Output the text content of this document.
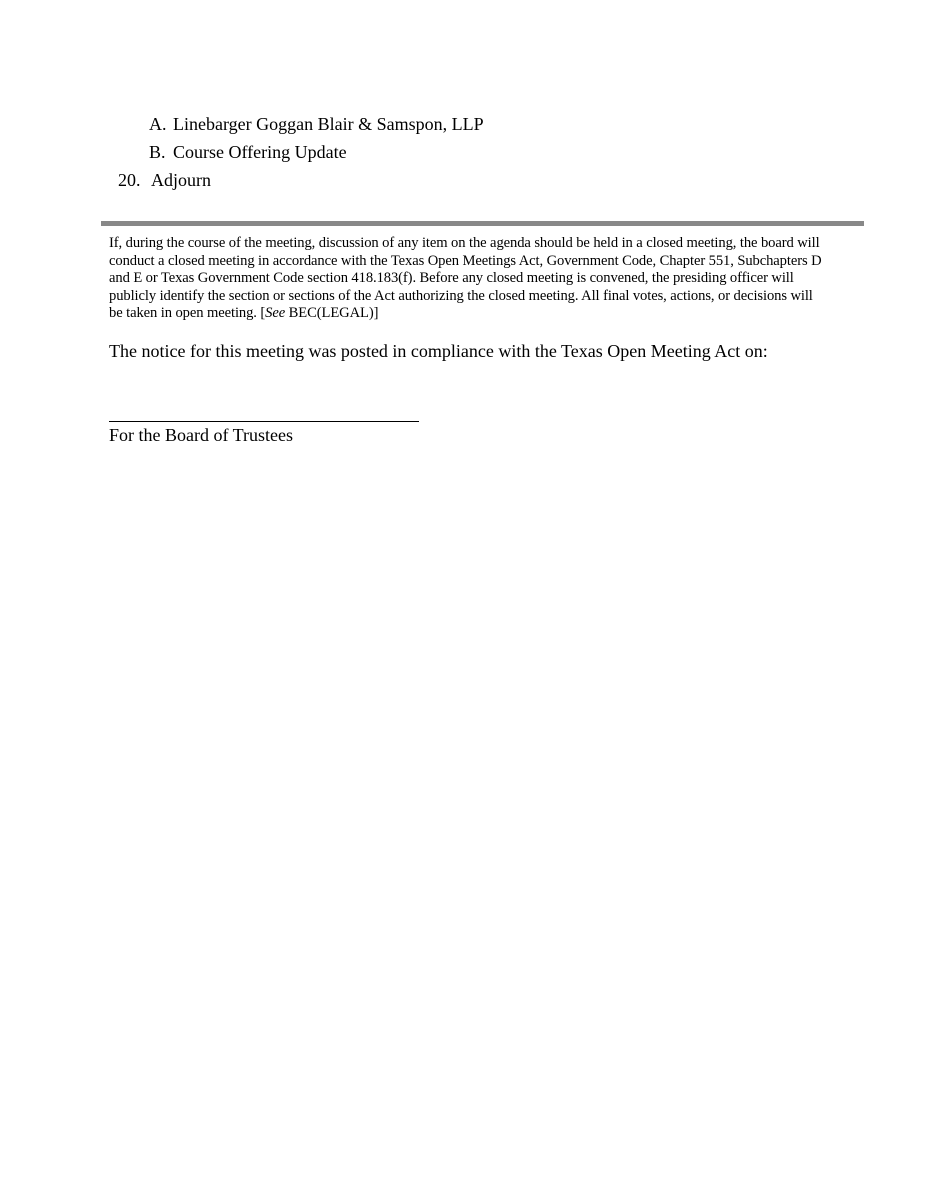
A. Linebarger Goggan Blair & Samspon, LLP
B. Course Offering Update
20. Adjourn

If, during the course of the meeting, discussion of any item on the agenda should be held in a closed meeting, the board will conduct a closed meeting in accordance with the Texas Open Meetings Act, Government Code, Chapter 551, Subchapters D and E or Texas Government Code section 418.183(f). Before any closed meeting is convened, the presiding officer will publicly identify the section or sections of the Act authorizing the closed meeting. All final votes, actions, or decisions will be taken in open meeting. [See BEC(LEGAL)]

The notice for this meeting was posted in compliance with the Texas Open Meeting Act on:
For the Board of Trustees
